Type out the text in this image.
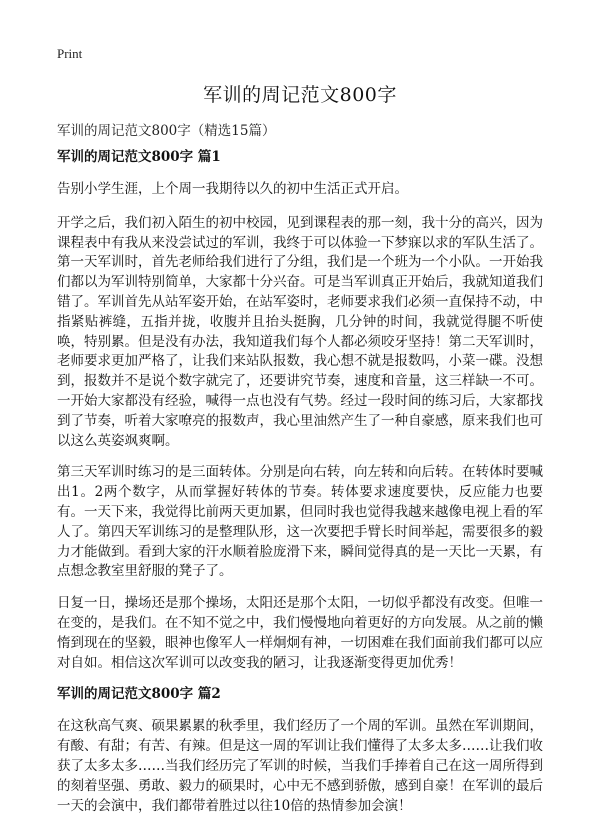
Print
军训的周记范文800字
军训的周记范文800字（精选15篇）
军训的周记范文800字 篇1

告别小学生涯，上个周一我期待以久的初中生活正式开启。

开学之后，我们初入陌生的初中校园，见到课程表的那一刻，我十分的高兴，因为课程表中有我从来没尝试过的军训，我终于可以体验一下梦寐以求的军队生活了。第一天军训时，首先老师给我们进行了分组，我们是一个班为一个小队。一开始我们都以为军训特别简单，大家都十分兴奋。可是当军训真正开始后，我就知道我们错了。军训首先从站军姿开始，在站军姿时，老师要求我们必须一直保持不动，中指紧贴裤缝，五指并拢，收腹并且抬头挺胸，几分钟的时间，我就觉得腿不听使唤，特别累。但是没有办法，我知道我们每个人都必须咬牙坚持！第二天军训时，老师要求更加严格了，让我们来站队报数，我心想不就是报数吗，小菜一碟。没想到，报数并不是说个数字就完了，还要讲究节奏，速度和音量，这三样缺一不可。一开始大家都没有经验，喊得一点也没有气势。经过一段时间的练习后，大家都找到了节奏，听着大家嘹亮的报数声，我心里油然产生了一种自豪感，原来我们也可以这么英姿飒爽啊。

第三天军训时练习的是三面转体。分别是向右转，向左转和向后转。在转体时要喊出1。2两个数字，从而掌握好转体的节奏。转体要求速度要快，反应能力也要有。一天下来，我觉得比前两天更加累，但同时我也觉得我越来越像电视上看的军人了。第四天军训练习的是整理队形，这一次要把手臂长时间举起，需要很多的毅力才能做到。看到大家的汗水顺着脸庞滑下来，瞬间觉得真的是一天比一天累，有点想念教室里舒服的凳子了。

日复一日，操场还是那个操场，太阳还是那个太阳，一切似乎都没有改变。但唯一在变的，是我们。在不知不觉之中，我们慢慢地向着更好的方向发展。从之前的懒惰到现在的坚毅，眼神也像军人一样炯炯有神，一切困难在我们面前我们都可以应对自如。相信这次军训可以改变我的陋习，让我逐渐变得更加优秀！

军训的周记范文800字 篇2

在这秋高气爽、硕果累累的秋季里，我们经历了一个周的军训。虽然在军训期间，有酸、有甜；有苦、有辣。但是这一周的军训让我们懂得了太多太多……让我们收获了太多太多……当我们经历完了军训的时候，当我们手捧着自己在这一周所得到的刻着坚强、勇敢、毅力的硕果时，心中无不感到骄傲，感到自豪！在军训的最后一天的会演中，我们都带着胜过以往10倍的热情参加会演！
